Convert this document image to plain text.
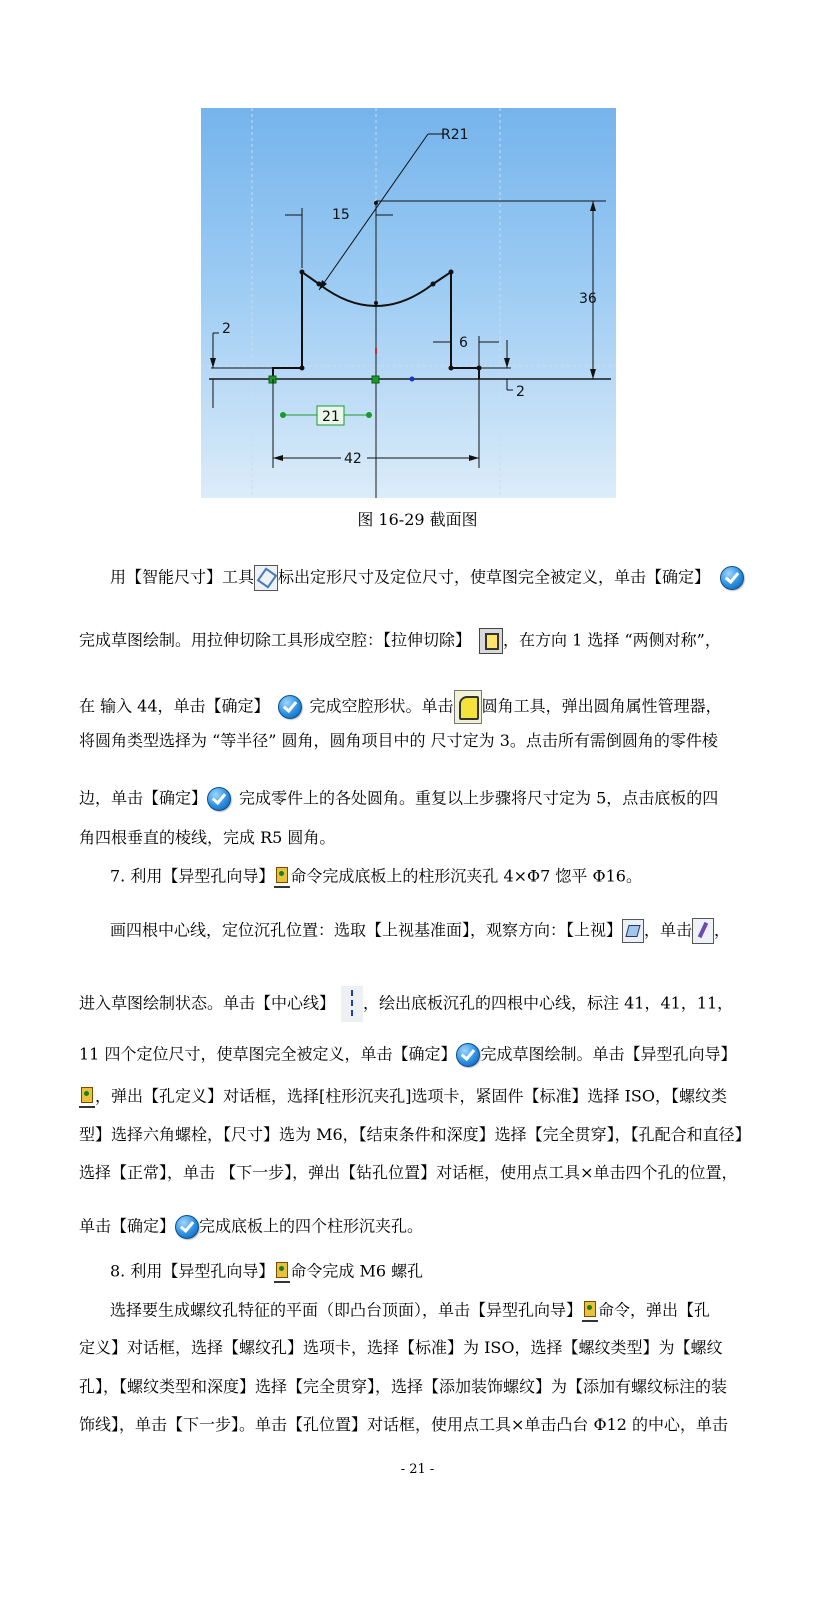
R21
15
36
2
6
2
21
42
图 16-29 截面图
用【智能尺寸】工具 标出定形尺寸及定位尺寸，使草图完全被定义，单击【确定】
完成草图绘制。用拉伸切除工具形成空腔：【拉伸切除】 ，在方向 1 选择 “两侧对称”，
在 输入 44，单击【确定】	完成空腔形状。单击 圆角工具，弹出圆角属性管理器，
将圆角类型选择为 “等半径” 圆角，圆角项目中的 尺寸定为 3。点击所有需倒圆角的零件棱
边，单击【确定】 完成零件上的各处圆角。重复以上步骤将尺寸定为 5，点击底板的四
角四根垂直的棱线，完成 R5 圆角。
7. 利用【异型孔向导】 命令完成底板上的柱形沉夹孔 4×Φ7 惚平 Φ16。
画四根中心线，定位沉孔位置：选取【上视基准面】，观察方向：【上视】 ，单击 ，
进入草图绘制状态。单击【中心线】 ，绘出底板沉孔的四根中心线，标注 41，41，11，
11 四个定位尺寸，使草图完全被定义，单击【确定】 完成草图绘制。单击【异型孔向导】
，弹出【孔定义】对话框，选择[柱形沉夹孔]选项卡，紧固件【标准】选择 ISO，【螺纹类
型】选择六角螺栓，【尺寸】选为 M6，【结束条件和深度】选择【完全贯穿】，【孔配合和直径】
选择【正常】，单击 【下一步】，弹出【钻孔位置】对话框，使用点工具×单击四个孔的位置，
单击【确定】 完成底板上的四个柱形沉夹孔。
8. 利用【异型孔向导】 命令完成 M6 螺孔
选择要生成螺纹孔特征的平面（即凸台顶面），单击【异型孔向导】 命令，弹出【孔
定义】对话框，选择【螺纹孔】选项卡，选择【标准】为 ISO，选择【螺纹类型】为【螺纹
孔】，【螺纹类型和深度】选择【完全贯穿】，选择【添加装饰螺纹】为【添加有螺纹标注的装
饰线】，单击【下一步】。单击【孔位置】对话框，使用点工具×单击凸台 Φ12 的中心，单击
- 21 -
